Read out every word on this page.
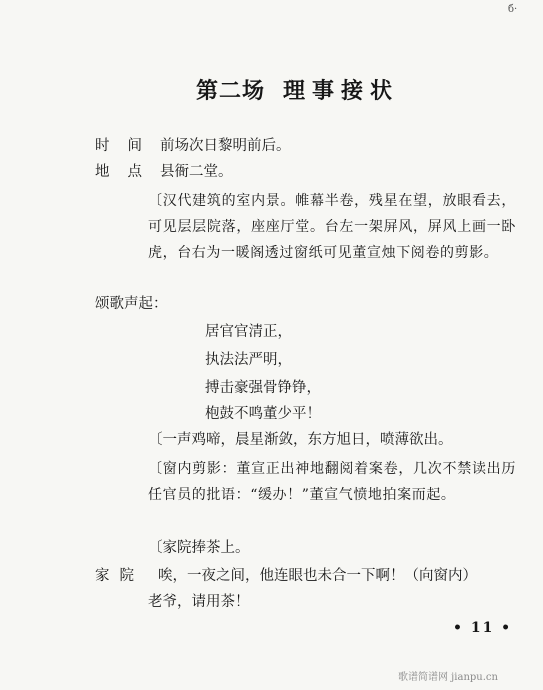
б·
第二场 理事接状
时间前场次日黎明前后。
地点县衙二堂。

〔汉代建筑的室内景。帷幕半卷，残星在望，放眼看去，可见层层院落，座座厅堂。台左一架屏风，屏风上画一卧虎，台右为一暖阁透过窗纸可见董宣烛下阅卷的剪影。

颂歌声起：
居官官清正，
执法法严明，
搏击豪强骨铮铮，
枹鼓不鸣董少平！
〔一声鸡啼，晨星渐敛，东方旭日，喷薄欲出。

〔窗内剪影：董宣正出神地翻阅着案卷，几次不禁读出历任官员的批语：“缓办！”董宣气愤地拍案而起。

〔家院捧茶上。
家院 唉，一夜之间，他连眼也未合一下啊！（向窗内）
老爷，请用茶！
• 11 •
歌谱简谱网 jianpu.cn
